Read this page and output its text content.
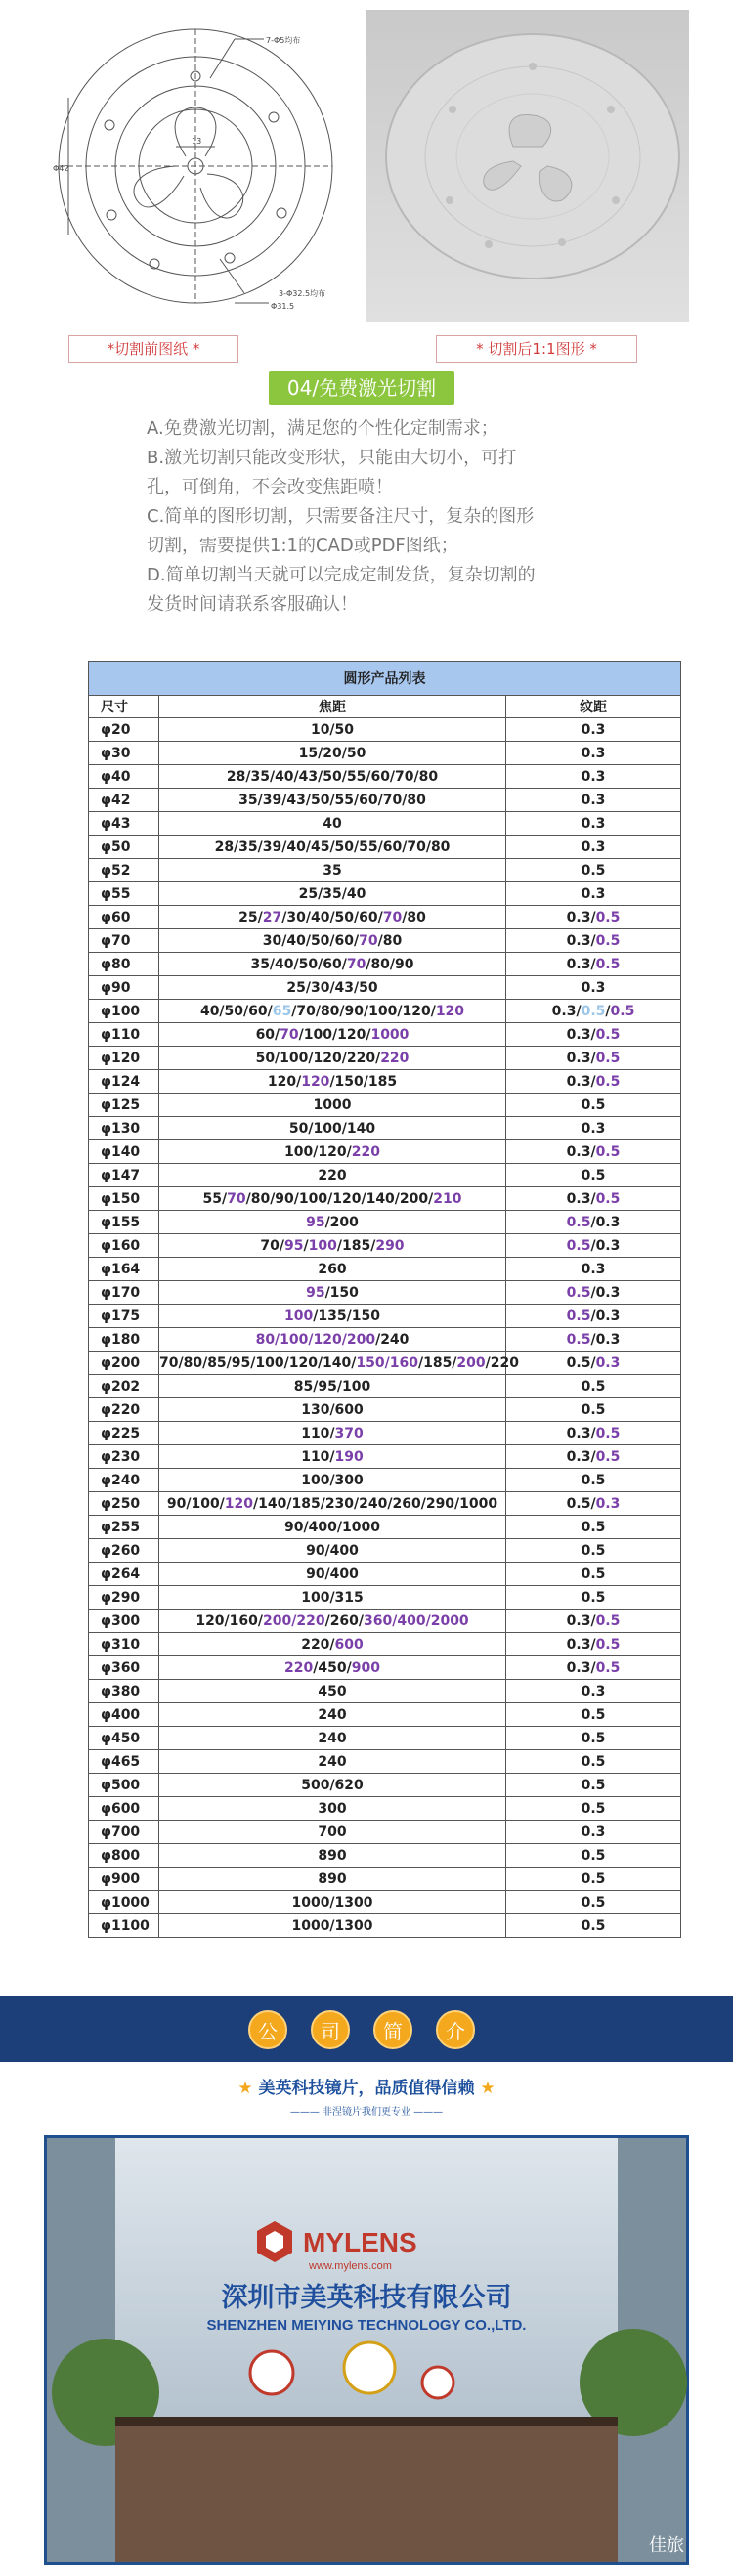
7-Φ5均布
3-Φ32.5均布
Φ31.5
Φ42
13
*切割前图纸 *	* 切割后1:1图形 *
04/免费激光切割

A.免费激光切割，满足您的个性化定制需求；

B.激光切割只能改变形状，只能由大切小，可打

孔，可倒角，不会改变焦距喷！

C.简单的图形切割，只需要备注尺寸，复杂的图形

切割，需要提供1:1的CAD或PDF图纸；

D.简单切割当天就可以完成定制发货，复杂切割的

发货时间请联系客服确认！

圆形产品列表		
尺寸	焦距	纹距
φ20	10/50	0.3
φ30	15/20/50	0.3
φ40	28/35/40/43/50/55/60/70/80	0.3
φ42	35/39/43/50/55/60/70/80	0.3
φ43	40	0.3
φ50	28/35/39/40/45/50/55/60/70/80	0.3
φ52	35	0.5
φ55	25/35/40	0.3
φ60	25/27/30/40/50/60/70/80	0.3/0.5
φ70	30/40/50/60/70/80	0.3/0.5
φ80	35/40/50/60/70/80/90	0.3/0.5
φ90	25/30/43/50	0.3
φ100	40/50/60/65/70/80/90/100/120/120	0.3/0.5/0.5
φ110	60/70/100/120/1000	0.3/0.5
φ120	50/100/120/220/220	0.3/0.5
φ124	120/120/150/185	0.3/0.5
φ125	1000	0.5
φ130	50/100/140	0.3
φ140	100/120/220	0.3/0.5
φ147	220	0.5
φ150	55/70/80/90/100/120/140/200/210	0.3/0.5
φ155	95/200	0.5/0.3
φ160	70/95/100/185/290	0.5/0.3
φ164	260	0.3
φ170	95/150	0.5/0.3
φ175	100/135/150	0.5/0.3
φ180	80/100/120/200/240	0.5/0.3
φ200	70/80/85/95/100/120/140/150/160/185/200/220	0.5/0.3
φ202	85/95/100	0.5
φ220	130/600	0.5
φ225	110/370	0.3/0.5
φ230	110/190	0.3/0.5
φ240	100/300	0.5
φ250	90/100/120/140/185/230/240/260/290/1000	0.5/0.3
φ255	90/400/1000	0.5
φ260	90/400	0.5
φ264	90/400	0.5
φ290	100/315	0.5
φ300	120/160/200/220/260/360/400/2000	0.3/0.5
φ310	220/600	0.3/0.5
φ360	220/450/900	0.3/0.5
φ380	450	0.3
φ400	240	0.5
φ450	240	0.5
φ465	240	0.5
φ500	500/620	0.5
φ600	300	0.5
φ700	700	0.3
φ800	890	0.5
φ900	890	0.5
φ1000	1000/1300	0.5
φ1100	1000/1300	0.5
公	司	简	介
★ 美英科技镜片，品质值得信赖 ★
——— 非涅镜片我们更专业 ———
MYLENS
www.mylens.com
深圳市美英科技有限公司
SHENZHEN MEIYING TECHNOLOGY CO.,LTD.
佳旅
